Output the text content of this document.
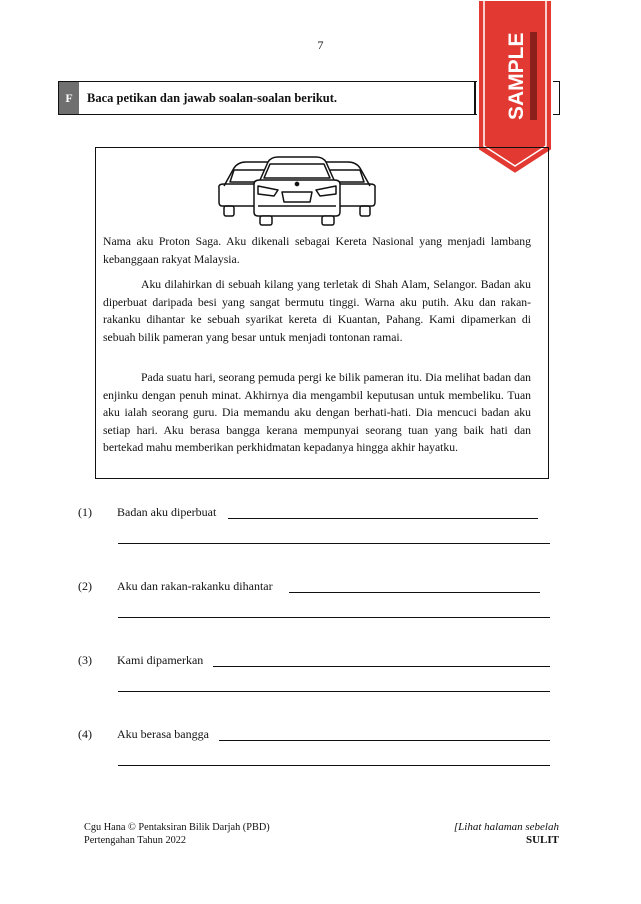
7
F	Baca petikan dan jawab soalan-soalan berikut.	SAMPLE

Nama aku Proton Saga. Aku dikenali sebagai Kereta Nasional yang menjadi lambang kebanggaan rakyat Malaysia.

Aku dilahirkan di sebuah kilang yang terletak di Shah Alam, Selangor. Badan aku diperbuat daripada besi yang sangat bermutu tinggi. Warna aku putih. Aku dan rakan-rakanku dihantar ke sebuah syarikat kereta di Kuantan, Pahang. Kami dipamerkan di sebuah bilik pameran yang besar untuk menjadi tontonan ramai.

Pada suatu hari, seorang pemuda pergi ke bilik pameran itu. Dia melihat badan dan enjinku dengan penuh minat. Akhirnya dia mengambil keputusan untuk membeliku. Tuan aku ialah seorang guru. Dia memandu aku dengan berhati-hati. Dia mencuci badan aku setiap hari. Aku berasa bangga kerana mempunyai seorang tuan yang baik hati dan bertekad mahu memberikan perkhidmatan kepadanya hingga akhir hayatku.

(1) Badan aku diperbuat
(2) Aku dan rakan-rakanku dihantar
(3) Kami dipamerkan
(4) Aku berasa bangga
Cgu Hana © Pentaksiran Bilik Darjah (PBD)
Pertengahan Tahun 2022
[Lihat halaman sebelah
SULIT
